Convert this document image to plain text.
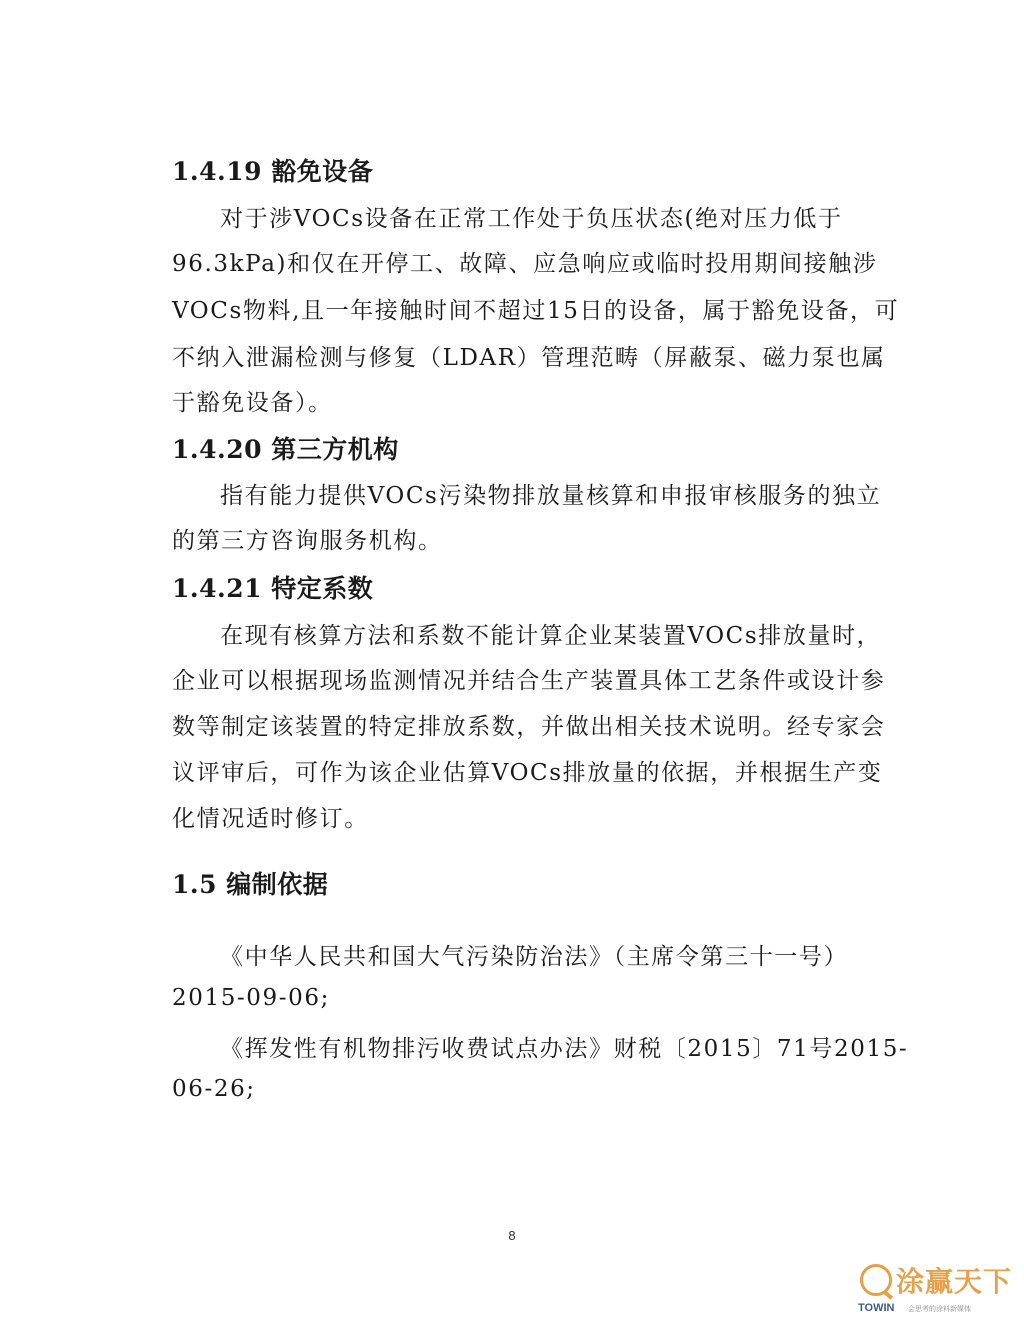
1.4.19 豁免设备
对于涉VOCs设备在正常工作处于负压状态(绝对压力低于
96.3kPa)和仅在开停工、故障、应急响应或临时投用期间接触涉
VOCs物料,且一年接触时间不超过15日的设备，属于豁免设备，可
不纳入泄漏检测与修复（LDAR）管理范畴（屏蔽泵、磁力泵也属
于豁免设备）。
1.4.20 第三方机构
指有能力提供VOCs污染物排放量核算和申报审核服务的独立
的第三方咨询服务机构。
1.4.21 特定系数
在现有核算方法和系数不能计算企业某装置VOCs排放量时，
企业可以根据现场监测情况并结合生产装置具体工艺条件或设计参
数等制定该装置的特定排放系数，并做出相关技术说明。经专家会
议评审后，可作为该企业估算VOCs排放量的依据，并根据生产变
化情况适时修订。
1.5 编制依据
《中华人民共和国大气污染防治法》（主席令第三十一号）
2015-09-06;
《挥发性有机物排污收费试点办法》财税〔2015〕71号2015-
06-26;
8
涂赢天下
TOWIN 会思考的涂料新媒体
